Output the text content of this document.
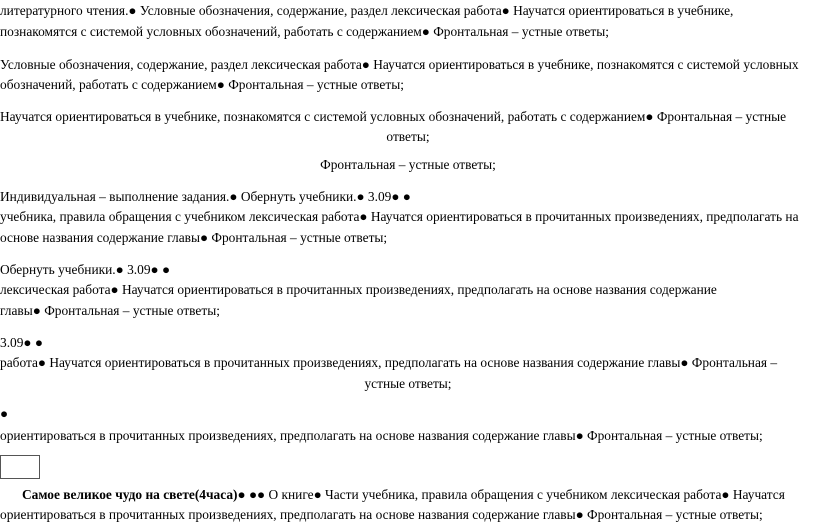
литературного чтения.● Условные обозначения, содержание, раздел лексическая работа● Научатся ориентироваться в учебнике,
познакомятся с системой условных обозначений, работать с содержанием● Фронтальная – устные ответы;
Условные обозначения, содержание, раздел лексическая работа● Научатся ориентироваться в учебнике, познакомятся с системой условных
обозначений, работать с содержанием● Фронтальная – устные ответы;
Научатся ориентироваться в учебнике, познакомятся с системой условных обозначений, работать с содержанием● Фронтальная – устные
ответы;
Фронтальная – устные ответы;
Индивидуальная – выполнение задания.● Обернуть учебники.● 3.09● ●
учебника, правила обращения с учебником лексическая работа● Научатся ориентироваться в прочитанных произведениях, предполагать на
основе названия содержание главы● Фронтальная – устные ответы;
Обернуть учебники.● 3.09● ●
лексическая работа● Научатся ориентироваться в прочитанных произведениях, предполагать на основе названия содержание
главы● Фронтальная – устные ответы;
3.09● ●
работа● Научатся ориентироваться в прочитанных произведениях, предполагать на основе названия содержание главы● Фронтальная –
устные ответы;
●
ориентироваться в прочитанных произведениях, предполагать на основе названия содержание главы● Фронтальная – устные ответы;
Самое великое чудо на свете(4часа)● ●● О книге● Части учебника, правила обращения с учебником лексическая работа● Научатся
ориентироваться в прочитанных произведениях, предполагать на основе названия содержание главы● Фронтальная – устные ответы;
